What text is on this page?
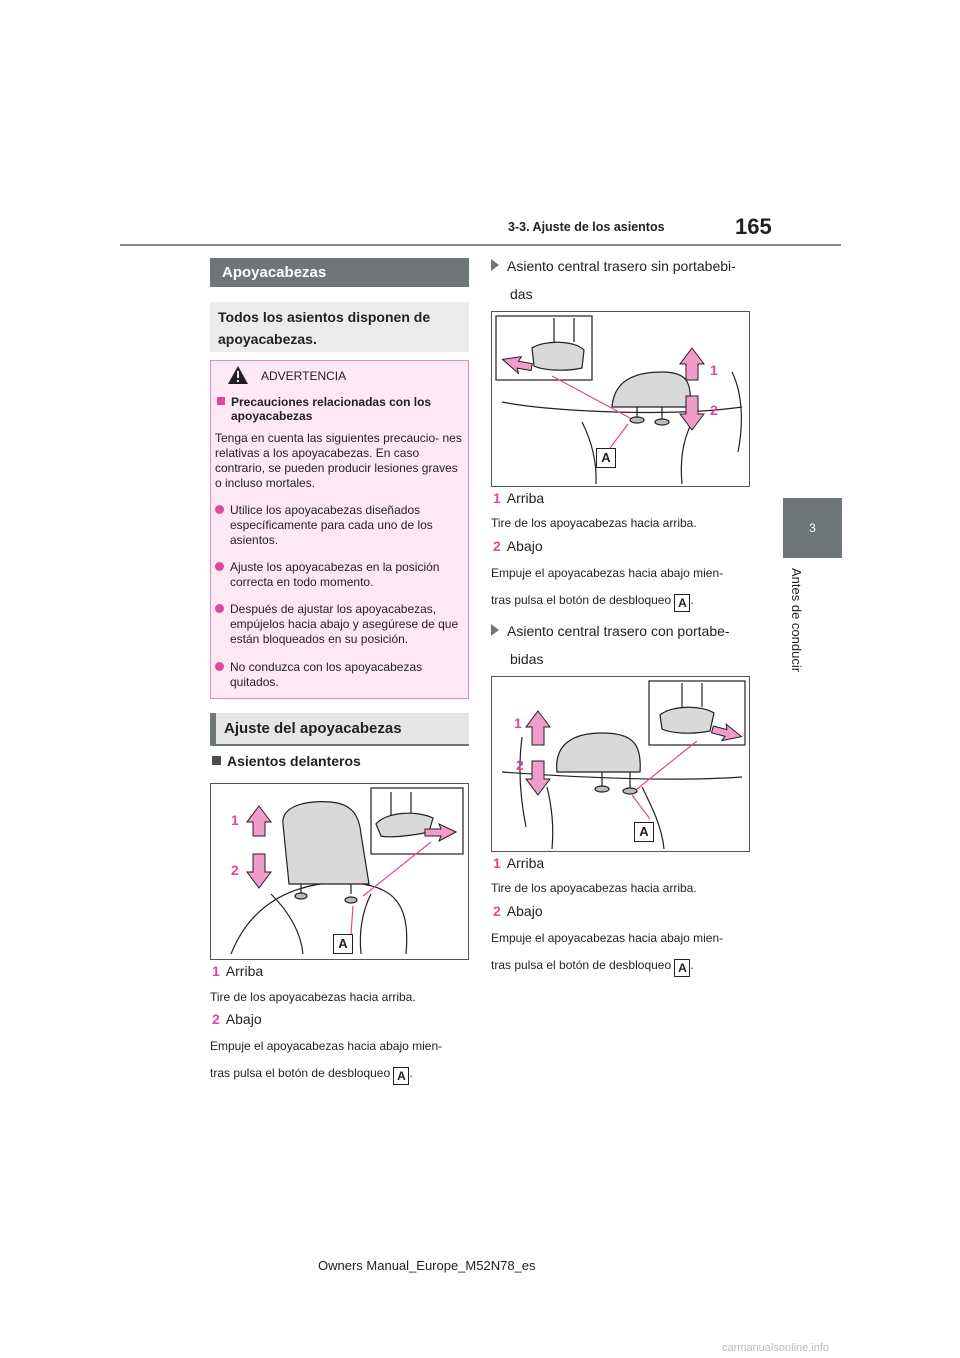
3-3. Ajuste de los asientos	165
3
Antes de conducir
Apoyacabezas
Todos los asientos disponen de apoyacabezas.
ADVERTENCIA
Precauciones relacionadas con los apoyacabezas
Tenga en cuenta las siguientes precaucio- nes relativas a los apoyacabezas. En caso contrario, se pueden producir lesiones graves o incluso mortales.
Utilice los apoyacabezas diseñados específicamente para cada uno de los asientos.
Ajuste los apoyacabezas en la posición correcta en todo momento.
Después de ajustar los apoyacabezas, empújelos hacia abajo y asegúrese de que están bloqueados en su posición.
No conduzca con los apoyacabezas quitados.
Ajuste del apoyacabezas
Asientos delanteros
1
2
A
1 Arriba
Tire de los apoyacabezas hacia arriba.
2 Abajo
Empuje el apoyacabezas hacia abajo mien-
tras pulsa el botón de desbloqueo A .
Asiento central trasero sin portabebi-
das
1
2
A
1 Arriba
Tire de los apoyacabezas hacia arriba.
2 Abajo
Empuje el apoyacabezas hacia abajo mien-
tras pulsa el botón de desbloqueo A .
Asiento central trasero con portabe-
bidas
1
2
A
1 Arriba
Tire de los apoyacabezas hacia arriba.
2 Abajo
Empuje el apoyacabezas hacia abajo mien-
tras pulsa el botón de desbloqueo A .
Owners Manual_Europe_M52N78_es
carmanualsonline.info
